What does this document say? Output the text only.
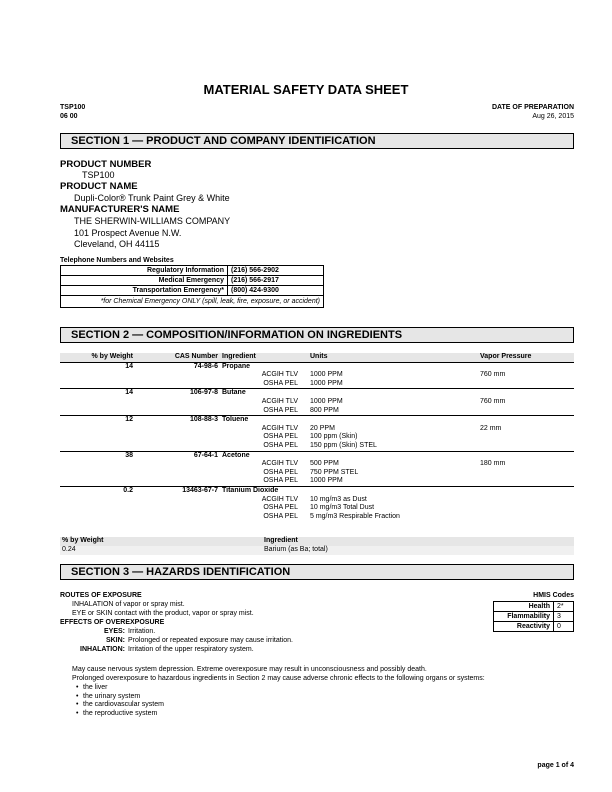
MATERIAL SAFETY DATA SHEET
TSP100
06 00
DATE OF PREPARATION
Aug 26, 2015
SECTION 1 — PRODUCT AND COMPANY IDENTIFICATION
PRODUCT NUMBER
TSP100
PRODUCT NAME
Dupli-Color® Trunk Paint Grey & White
MANUFACTURER'S NAME
THE SHERWIN-WILLIAMS COMPANY
101 Prospect Avenue N.W.
Cleveland, OH 44115
Telephone Numbers and Websites
Regulatory Information	(216) 566-2902
Medical Emergency	(216) 566-2917
Transportation Emergency*	(800) 424-9300

*for Chemical Emergency ONLY (spill, leak, fire, exposure, or accident)	
SECTION 2 — COMPOSITION/INFORMATION ON INGREDIENTS
% by Weight	CAS Number	Ingredient	Units	Vapor Pressure
14	74-98-6	Propane		
		ACGIH TLV	1000 PPM	760 mm
		OSHA PEL	1000 PPM	
14	106-97-8	Butane		
		ACGIH TLV	1000 PPM	760 mm
		OSHA PEL	800 PPM	
12	108-88-3	Toluene		
		ACGIH TLV	20 PPM	22 mm
		OSHA PEL	100 ppm (Skin)	
		OSHA PEL	150 ppm (Skin) STEL	
38	67-64-1	Acetone		
		ACGIH TLV	500 PPM	180 mm
		OSHA PEL	750 PPM STEL	
		OSHA PEL	1000 PPM	
0.2	13463-67-7	Titanium Dioxide		
		ACGIH TLV	10 mg/m3 as Dust	
		OSHA PEL	10 mg/m3 Total Dust	
		OSHA PEL	5 mg/m3 Respirable Fraction	
% by Weight	Ingredient
0.24	Barium (as Ba; total)
SECTION 3 — HAZARDS IDENTIFICATION
ROUTES OF EXPOSURE
INHALATION of vapor or spray mist.
EYE or SKIN contact with the product, vapor or spray mist.
EFFECTS OF OVEREXPOSURE
EYES: Irritation.
SKIN: Prolonged or repeated exposure may cause irritation.
INHALATION: Irritation of the upper respiratory system.
May cause nervous system depression. Extreme overexposure may result in unconsciousness and possibly death.
Prolonged overexposure to hazardous ingredients in Section 2 may cause adverse chronic effects to the following organs or systems:
• the liver
• the urinary system
• the cardiovascular system
• the reproductive system
HMIS Codes
Health	2*
Flammability	3
Reactivity	0
page 1 of 4
